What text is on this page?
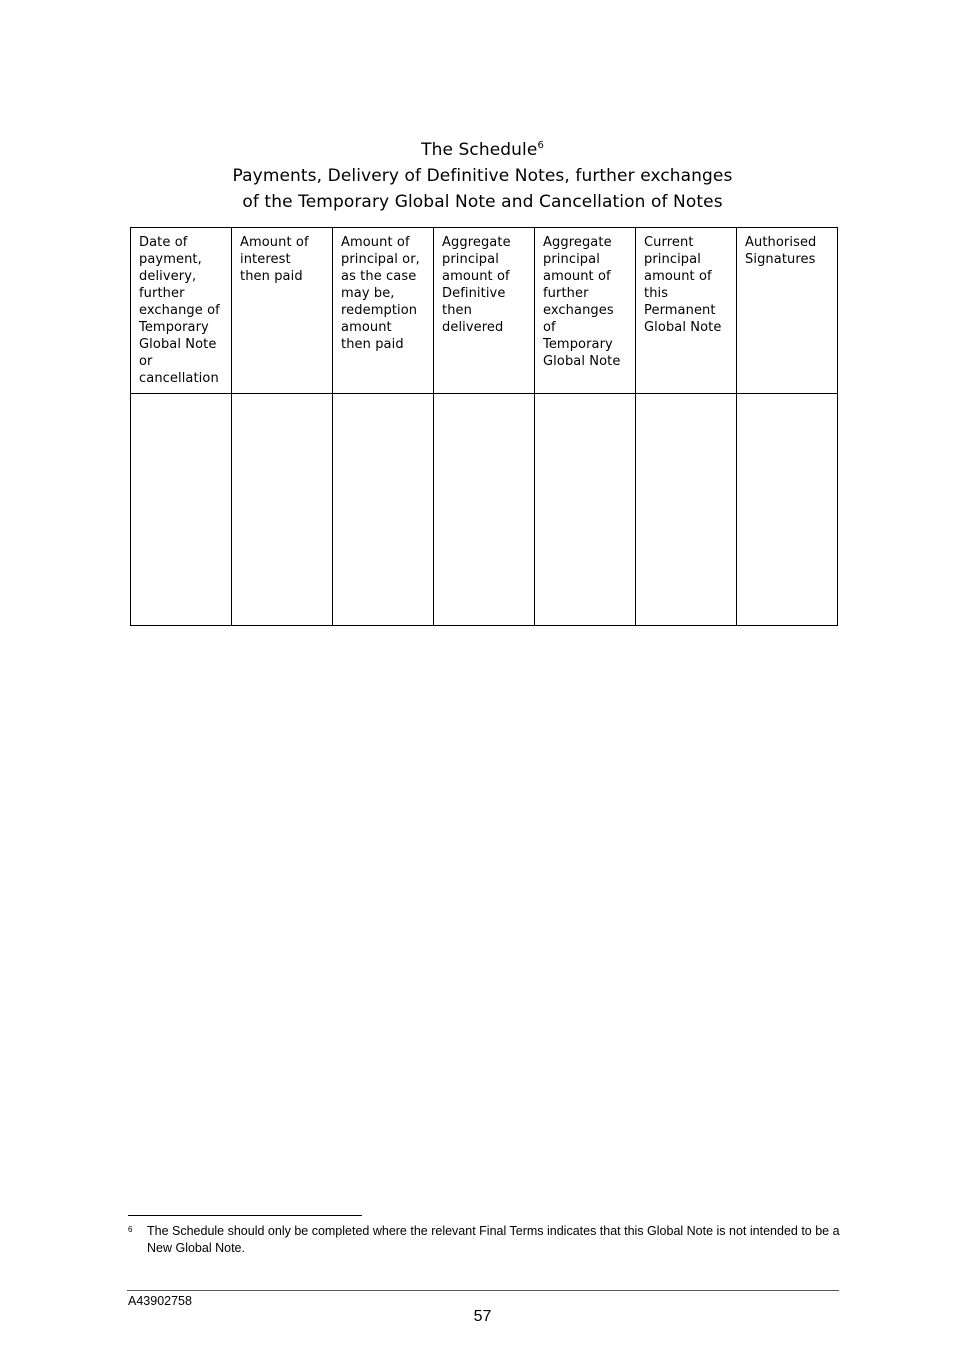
The Schedule$^6$
Payments, Delivery of Definitive Notes, further exchanges
of the Temporary Global Note and Cancellation of Notes
Date of payment, delivery, further exchange of Temporary Global Note or cancellation	Amount of interest then paid	Amount of principal or, as the case may be, redemption amount then paid	Aggregate principal amount of Definitive then delivered	Aggregate principal amount of further exchanges of Temporary Global Note	Current principal amount of this Permanent Global Note	Authorised Signatures

6 The Schedule should only be completed where the relevant Final Terms indicates that this Global Note is not intended to be a New Global Note.
A43902758
57
